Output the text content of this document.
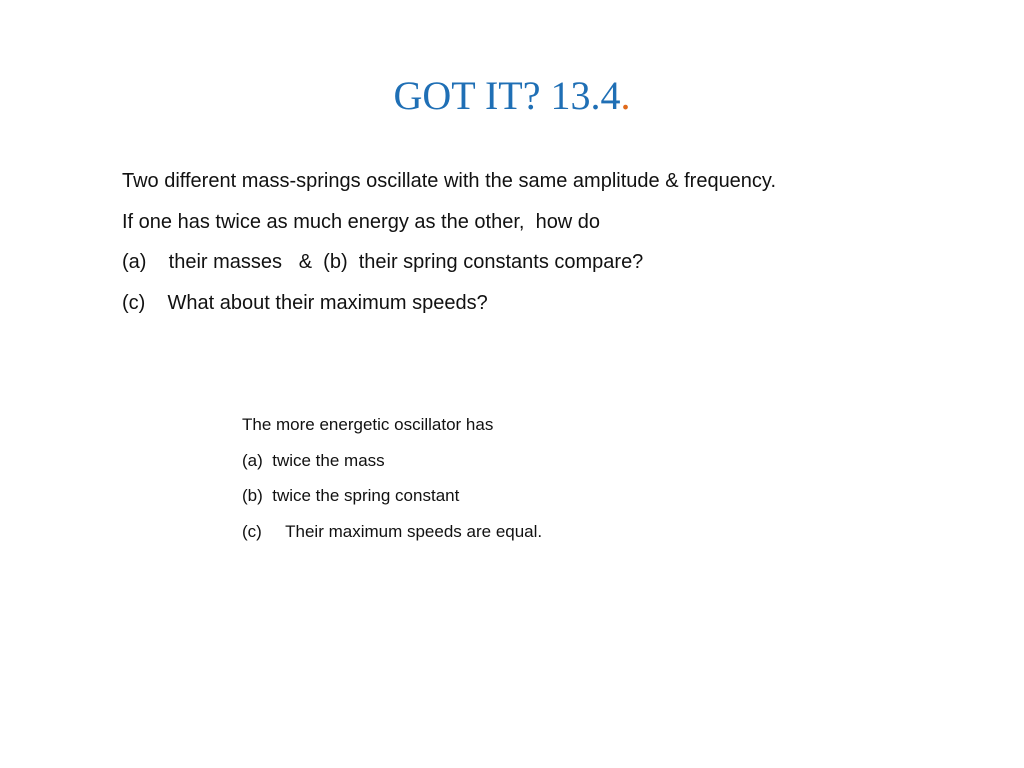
GOT IT? 13.4.
Two different mass-springs oscillate with the same amplitude & frequency.
If one has twice as much energy as the other,  how do
(a)    their masses   &  (b)  their spring constants compare?
(c)    What about their maximum speeds?
The more energetic oscillator has
(a)  twice the mass
(b)  twice the spring constant
(c)     Their maximum speeds are equal.
